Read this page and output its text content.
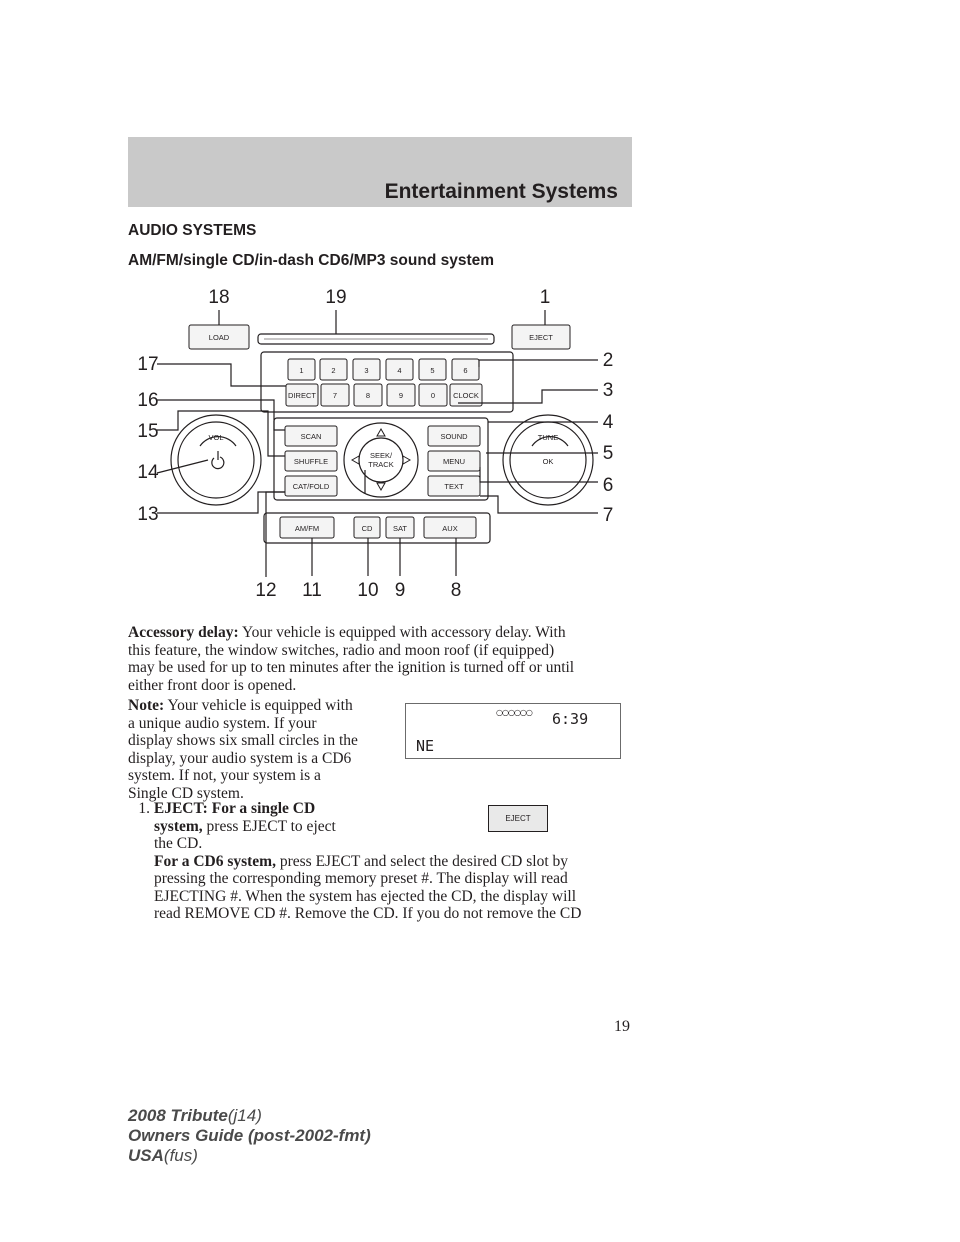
Entertainment Systems
AUDIO SYSTEMS
AM/FM/single CD/in-dash CD6/MP3 sound system
LOAD	EJECT
1	2	3	4	5	6
DIRECT 7	8	9	0 CLOCK
SCAN
SHUFFLE
CAT/FOLD
SOUND
MENU
TEXT
SEEK/
TRACK
VOL	TUNE
OK
AM/FM	CD	SAT	AUX
18	19	1
17	2
3
16
4
15
5
14
6
13	7
12 11 10 9 8
Accessory delay: Your vehicle is equipped with accessory delay. With
this feature, the window switches, radio and moon roof (if equipped)
may be used for up to ten minutes after the ignition is turned off or until
either front door is opened.
Note: Your vehicle is equipped with
a unique audio system. If your
display shows six small circles in the
display, your audio system is a CD6
system. If not, your system is a
Single CD system.
○○○○○○ 6:39
NE
1. EJECT: For a single CD
system, press EJECT to eject
the CD.
For a CD6 system, press EJECT and select the desired CD slot by
pressing the corresponding memory preset #. The display will read
EJECTING #. When the system has ejected the CD, the display will
read REMOVE CD #. Remove the CD. If you do not remove the CD
EJECT
19
2008 Tribute(j14)
Owners Guide (post-2002-fmt)
USA(fus)
